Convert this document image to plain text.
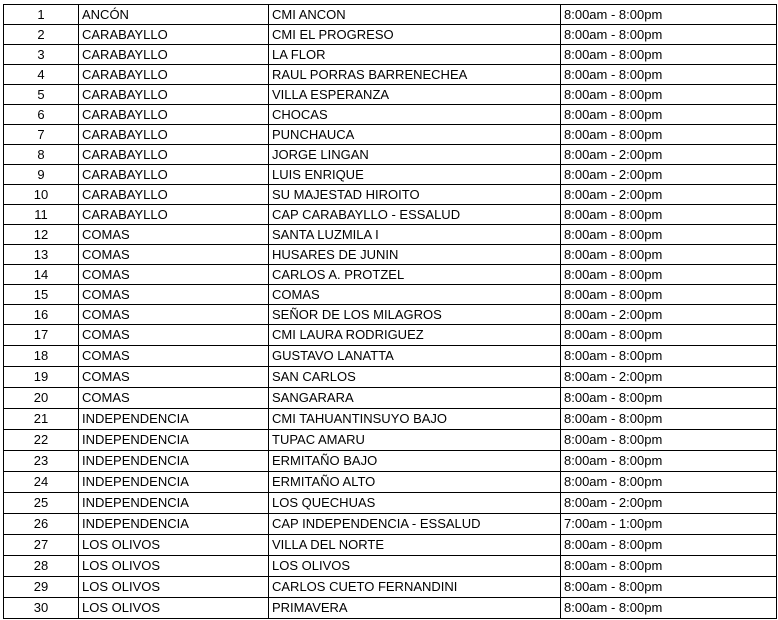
1	ANCÓN	CMI ANCON	8:00am - 8:00pm
2	CARABAYLLO	CMI EL PROGRESO	8:00am - 8:00pm
3	CARABAYLLO	LA FLOR	8:00am - 8:00pm
4	CARABAYLLO	RAUL PORRAS BARRENECHEA	8:00am - 8:00pm
5	CARABAYLLO	VILLA ESPERANZA	8:00am - 8:00pm
6	CARABAYLLO	CHOCAS	8:00am - 8:00pm
7	CARABAYLLO	PUNCHAUCA	8:00am - 8:00pm
8	CARABAYLLO	JORGE LINGAN	8:00am - 2:00pm
9	CARABAYLLO	LUIS ENRIQUE	8:00am - 2:00pm
10	CARABAYLLO	SU MAJESTAD HIROITO	8:00am - 2:00pm
11	CARABAYLLO	CAP CARABAYLLO - ESSALUD	8:00am - 8:00pm
12	COMAS	SANTA LUZMILA I	8:00am - 8:00pm
13	COMAS	HUSARES DE JUNIN	8:00am - 8:00pm
14	COMAS	CARLOS A. PROTZEL	8:00am - 8:00pm
15	COMAS	COMAS	8:00am - 8:00pm
16	COMAS	SEÑOR DE LOS MILAGROS	8:00am - 2:00pm
17	COMAS	CMI LAURA RODRIGUEZ	8:00am - 8:00pm
18	COMAS	GUSTAVO LANATTA	8:00am - 8:00pm
19	COMAS	SAN CARLOS	8:00am - 2:00pm
20	COMAS	SANGARARA	8:00am - 8:00pm
21	INDEPENDENCIA	CMI TAHUANTINSUYO BAJO	8:00am - 8:00pm
22	INDEPENDENCIA	TUPAC AMARU	8:00am - 8:00pm
23	INDEPENDENCIA	ERMITAÑO BAJO	8:00am - 8:00pm
24	INDEPENDENCIA	ERMITAÑO ALTO	8:00am - 8:00pm
25	INDEPENDENCIA	LOS QUECHUAS	8:00am - 2:00pm
26	INDEPENDENCIA	CAP INDEPENDENCIA - ESSALUD	7:00am - 1:00pm
27	LOS OLIVOS	VILLA DEL NORTE	8:00am - 8:00pm
28	LOS OLIVOS	LOS OLIVOS	8:00am - 8:00pm
29	LOS OLIVOS	CARLOS CUETO FERNANDINI	8:00am - 8:00pm
30	LOS OLIVOS	PRIMAVERA	8:00am - 8:00pm
